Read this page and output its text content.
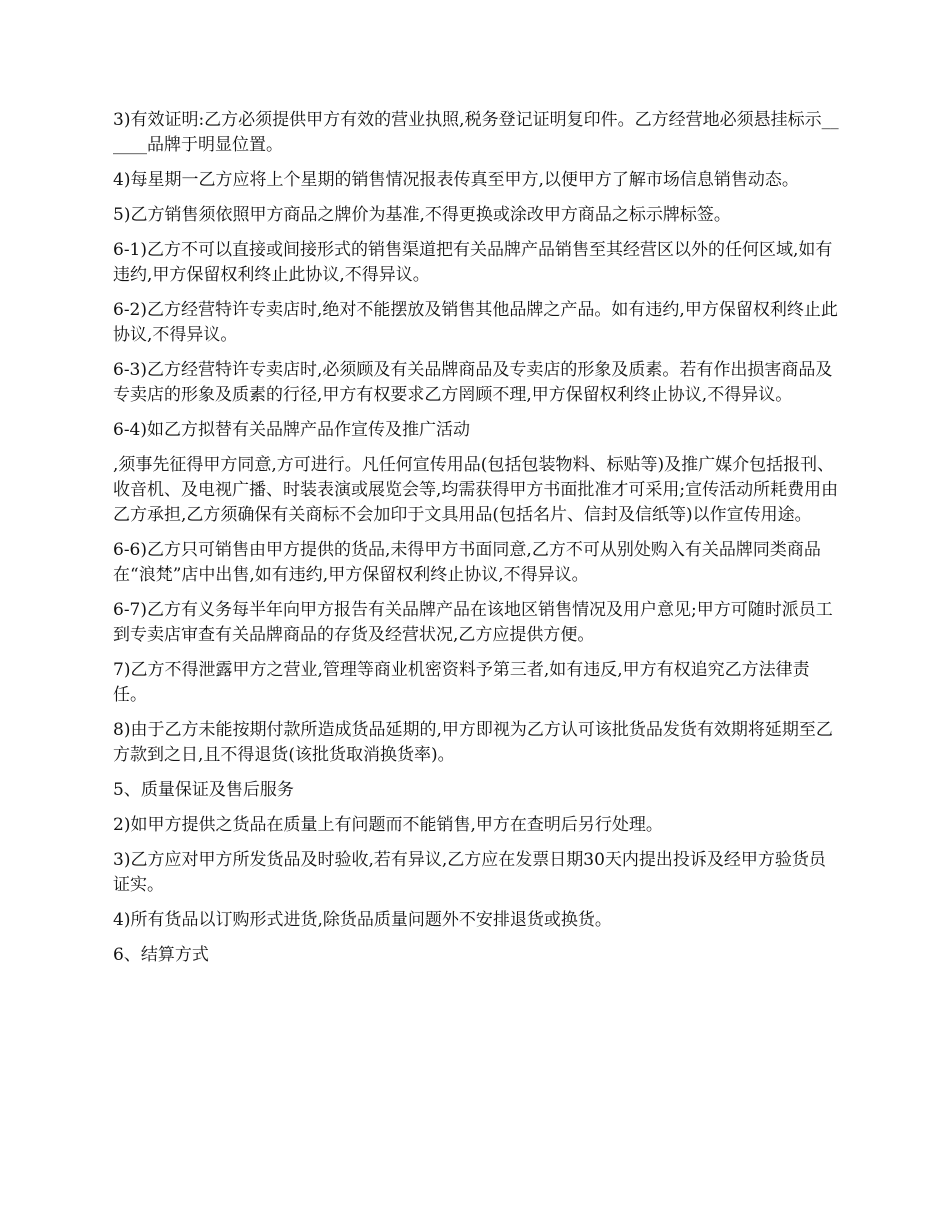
3)有效证明:乙方必须提供甲方有效的营业执照,税务登记证明复印件。乙方经营地必须悬挂标示______品牌于明显位置。

4)每星期一乙方应将上个星期的销售情况报表传真至甲方,以便甲方了解市场信息销售动态。

5)乙方销售须依照甲方商品之牌价为基准,不得更换或涂改甲方商品之标示牌标签。

6-1)乙方不可以直接或间接形式的销售渠道把有关品牌产品销售至其经营区以外的任何区域,如有违约,甲方保留权利终止此协议,不得异议。

6-2)乙方经营特许专卖店时,绝对不能摆放及销售其他品牌之产品。如有违约,甲方保留权利终止此协议,不得异议。

6-3)乙方经营特许专卖店时,必须顾及有关品牌商品及专卖店的形象及质素。若有作出损害商品及专卖店的形象及质素的行径,甲方有权要求乙方罔顾不理,甲方保留权利终止协议,不得异议。

6-4)如乙方拟替有关品牌产品作宣传及推广活动

,须事先征得甲方同意,方可进行。凡任何宣传用品(包括包装物料、标贴等)及推广媒介包括报刊、收音机、及电视广播、时装表演或展览会等,均需获得甲方书面批准才可采用;宣传活动所耗费用由乙方承担,乙方须确保有关商标不会加印于文具用品(包括名片、信封及信纸等)以作宣传用途。

6-6)乙方只可销售由甲方提供的货品,未得甲方书面同意,乙方不可从别处购入有关品牌同类商品在“浪梵”店中出售,如有违约,甲方保留权利终止协议,不得异议。

6-7)乙方有义务每半年向甲方报告有关品牌产品在该地区销售情况及用户意见;甲方可随时派员工到专卖店审查有关品牌商品的存货及经营状况,乙方应提供方便。

7)乙方不得泄露甲方之营业,管理等商业机密资料予第三者,如有违反,甲方有权追究乙方法律责任。

8)由于乙方未能按期付款所造成货品延期的,甲方即视为乙方认可该批货品发货有效期将延期至乙方款到之日,且不得退货(该批货取消换货率)。

5、质量保证及售后服务

2)如甲方提供之货品在质量上有问题而不能销售,甲方在查明后另行处理。

3)乙方应对甲方所发货品及时验收,若有异议,乙方应在发票日期30天内提出投诉及经甲方验货员证实。

4)所有货品以订购形式进货,除货品质量问题外不安排退货或换货。

6、结算方式
